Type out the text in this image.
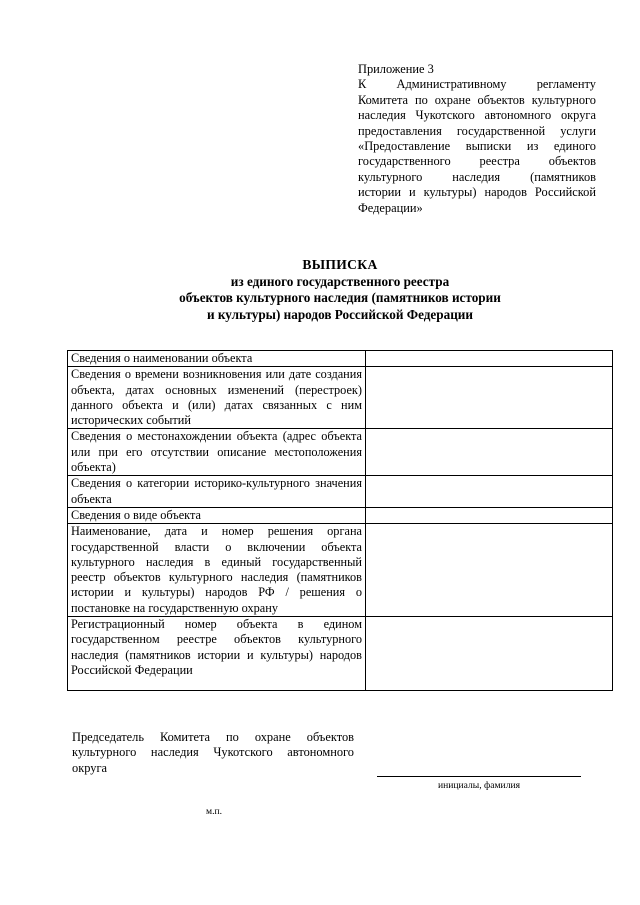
Приложение 3
К Административному регламенту
Комитета по охране объектов культурного
наследия Чукотского автономного округа
предоставления государственной услуги
«Предоставление выписки из единого
государственного реестра объектов
культурного наследия (памятников
истории и культуры) народов Российской
Федерации»
ВЫПИСКА
из единого государственного реестра
объектов культурного наследия (памятников истории
и культуры) народов Российской Федерации
Сведения о наименовании объекта	
Сведения о времени возникновения или дате создания объекта, датах основных изменений (перестроек) данного объекта и (или) датах связанных с ним исторических событий	
Сведения о местонахождении объекта (адрес объекта или при его отсутствии описание местоположения объекта)	
Сведения о категории историко-культурного значения объекта	
Сведения о виде объекта	
Наименование, дата и номер решения органа государственной власти о включении объекта культурного наследия в единый государственный реестр объектов культурного наследия (памятников истории и культуры) народов РФ / решения о постановке на государственную охрану	
Регистрационный номер объекта в едином государственном реестре объектов культурного наследия (памятников истории и культуры) народов Российской Федерации	
Председатель Комитета по охране объектов культурного наследия Чукотского автономного округа
инициалы, фамилия
м.п.
